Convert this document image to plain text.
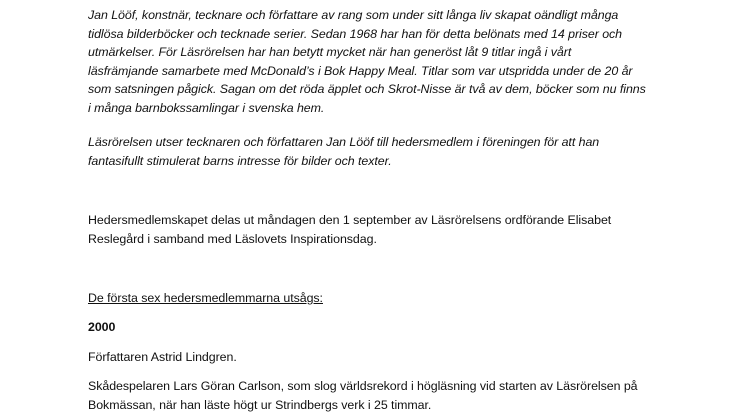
Jan Lööf, konstnär, tecknare och författare av rang som under sitt långa liv skapat oändligt många
tidlösa bilderböcker och tecknade serier. Sedan 1968 har han för detta belönats med 14 priser och
utmärkelser. För Läsrörelsen har han betytt mycket när han generöst låt 9 titlar ingå i vårt
läsfrämjande samarbete med McDonald’s i Bok Happy Meal. Titlar som var utspridda under de 20 år
som satsningen pågick. Sagan om det röda äpplet och Skrot-Nisse är två av dem, böcker som nu finns
i många barnbokssamlingar i svenska hem.

Läsrörelsen utser tecknaren och författaren Jan Lööf till hedersmedlem i föreningen för att han
fantasifullt stimulerat barns intresse för bilder och texter.

Hedersmedlemskapet delas ut måndagen den 1 september av Läsrörelsens ordförande Elisabet
Reslegård i samband med Läslovets Inspirationsdag.

De första sex hedersmedlemmarna utsågs:

2000

Författaren Astrid Lindgren.

Skådespelaren Lars Göran Carlson, som slog världsrekord i högläsning vid starten av Läsrörelsen på
Bokmässan, när han läste högt ur Strindbergs verk i 25 timmar.
